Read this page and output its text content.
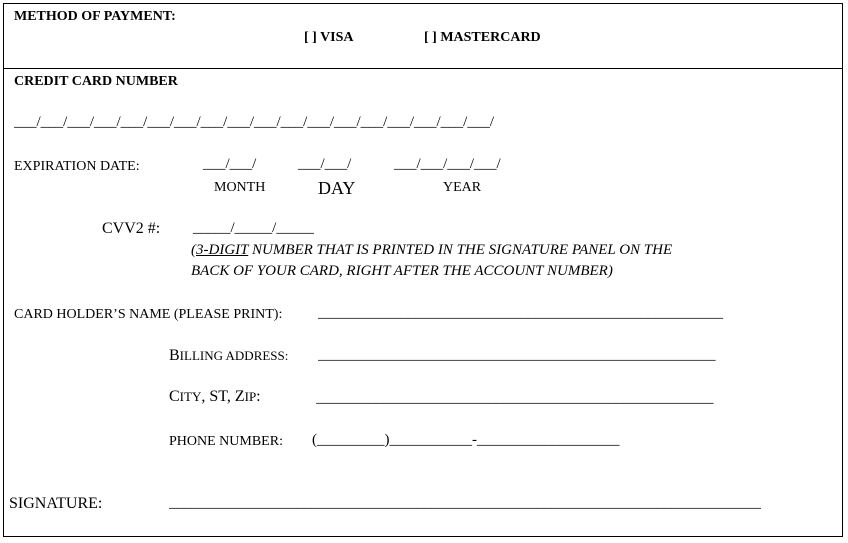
METHOD OF PAYMENT:
[ ] VISA	[ ] MASTERCARD
CREDIT CARD NUMBER
___/___/___/___/___/___/___/___/___/___/___/___/___/___/___/___/___/___/
EXPIRATION DATE:	___/___/	___/___/	___/___/___/___/
MONTH	DAY	YEAR
CVV2 #: _____/_____/_____
(3-DIGIT NUMBER THAT IS PRINTED IN THE SIGNATURE PANEL ON THE
BACK OF YOUR CARD, RIGHT AFTER THE ACCOUNT NUMBER)
CARD HOLDER’S NAME (PLEASE PRINT): ______________________________________________________
BILLING ADDRESS: _____________________________________________________
CITY, ST, ZIP:	_____________________________________________________
PHONE NUMBER: (_________)___________-___________________
SIGNATURE:	_______________________________________________________________________________
